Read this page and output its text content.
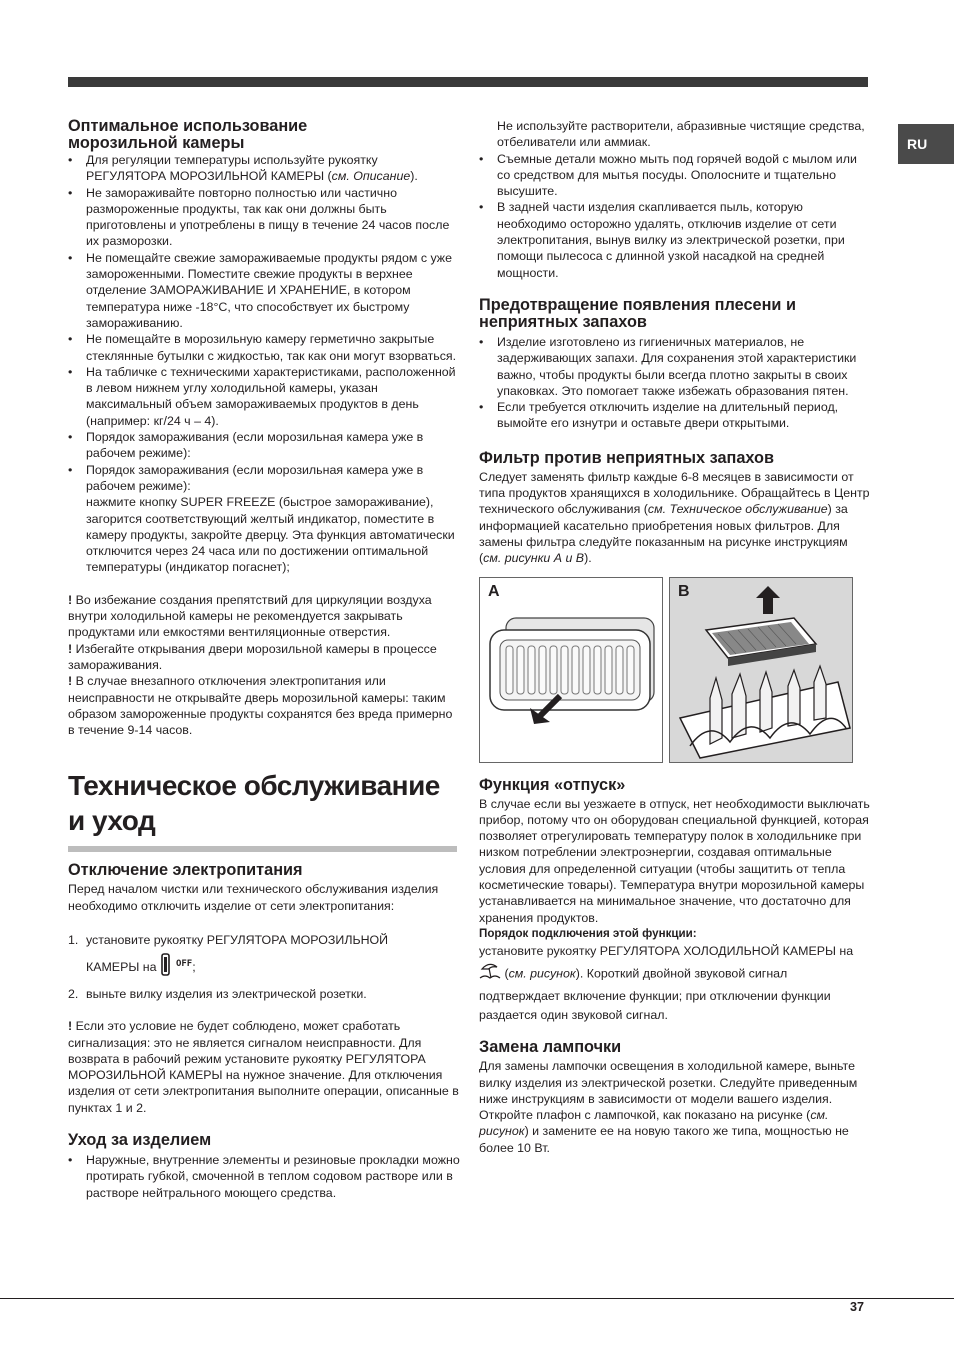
RU
Оптимальное использование
морозильной камеры
• Для регуляции температуры используйте рукоятку РЕГУЛЯТОРА МОРОЗИЛЬНОЙ КАМЕРЫ (см. Описание).
• Не замораживайте повторно полностью или частично размороженные продукты, так как они должны быть приготовлены и употреблены в пищу в течение 24 часов после их разморозки.
• Не помещайте свежие замораживаемые продукты рядом с уже замороженными. Поместите свежие продукты в верхнее отделение ЗАМОРАЖИВАНИЕ И ХРАНЕНИЕ, в котором температура ниже -18°С, что способствует их быстрому замораживанию.
• Не помещайте в морозильную камеру герметично закрытые стеклянные бутылки с жидкостью, так как они могут взорваться.
• На табличке с техническими характеристиками, расположенной в левом нижнем углу холодильной камеры, указан максимальный объем замораживаемых продуктов в день (например: кг/24 ч – 4).
• Порядок замораживания (если морозильная камера уже в рабочем режиме):
• Порядок замораживания (если морозильная камера уже в рабочем режиме):
нажмите кнопку SUPER FREEZE (быстрое замораживание), загорится соответствующий желтый индикатор, поместите в камеру продукты, закройте дверцу. Эта функция автоматически отключится через 24 часа или по достижении оптимальной температуры (индикатор погаснет);

! Во избежание создания препятствий для циркуляции воздуха внутри холодильной камеры не рекомендуется закрывать продуктами или емкостями вентиляционные отверстия.

! Избегайте открывания двери морозильной камеры в процессе замораживания.

! В случае внезапного отключения электропитания или неисправности не открывайте дверь морозильной камеры: таким образом замороженные продукты сохранятся без вреда примерно в течение 9-14 часов.

Техническое обслуживание
и уход
Отключение электропитания

Перед началом чистки или технического обслуживания изделия необходимо отключить изделие от сети электропитания:

1. установите рукоятку РЕГУЛЯТОРА МОРОЗИЛЬНОЙ
КАМЕРЫ на $^{OFF}$;
2. выньте вилку изделия из электрической розетки.

! Если это условие не будет соблюдено, может сработать сигнализация: это не является сигналом неисправности. Для возврата в рабочий режим установите рукоятку РЕГУЛЯТОРА МОРОЗИЛЬНОЙ КАМЕРЫ на нужное значение. Для отключения изделия от сети электропитания выполните операции, описанные в пунктах 1 и 2.

Уход за изделием
• Наружные, внутренние элементы и резиновые прокладки можно протирать губкой, смоченной в теплом содовом растворе или в растворе нейтрального моющего средства.
Не используйте растворители, абразивные чистящие средства, отбеливатели или аммиак.
• Съемные детали можно мыть под горячей водой с мылом или со средством для мытья посуды. Ополосните и тщательно высушите.
• В задней части изделия скапливается пыль, которую необходимо осторожно удалять, отключив изделие от сети электропитания, вынув вилку из электрической розетки, при помощи пылесоса с длинной узкой насадкой на средней мощности.
Предотвращение появления плесени и
неприятных запахов
• Изделие изготовлено из гигиеничных материалов, не задерживающих запахи. Для сохранения этой характеристики важно, чтобы продукты были всегда плотно закрыты в своих упаковках. Это помогает также избежать образования пятен.
• Если требуется отключить изделие на длительный период, вымойте его изнутри и оставьте двери открытыми.
Фильтр против неприятных запахов

Следует заменять фильтр каждые 6-8 месяцев в зависимости от типа продуктов хранящихся в холодильнике. Обращайтесь в Центр технического обслуживания (см. Техническое обслуживание) за информацией касательно приобретения новых фильтров. Для замены фильтра следуйте показанным на рисунке инструкциям (см. рисунки А и В).

A	B
Функция «отпуск»

В случае если вы уезжаете в отпуск, нет необходимости выключать прибор, потому что он оборудован специальной функцией, которая позволяет отрегулировать температуру полок в холодильнике при низком потреблении электроэнергии, создавая оптимальные условия для определенной ситуации (чтобы защитить от тепла косметические товары). Температура внутри морозильной камеры устанавливается на минимальное значение, что достаточно для хранения продуктов.

Порядок подключения этой функции:

установите рукоятку РЕГУЛЯТОРА ХОЛОДИЛЬНОЙ КАМЕРЫ на  (см. рисунок). Короткий двойной звуковой сигнал подтверждает включение функции; при отключении функции раздается один звуковой сигнал.

Замена лампочки

Для замены лампочки освещения в холодильной камере, выньте вилку изделия из электрической розетки. Следуйте приведенным ниже инструкциям в зависимости от модели вашего изделия. Откройте плафон с лампочкой, как показано на рисунке (см. рисунок) и замените ее на новую такого же типа, мощностью не более 10 Вт.

37
